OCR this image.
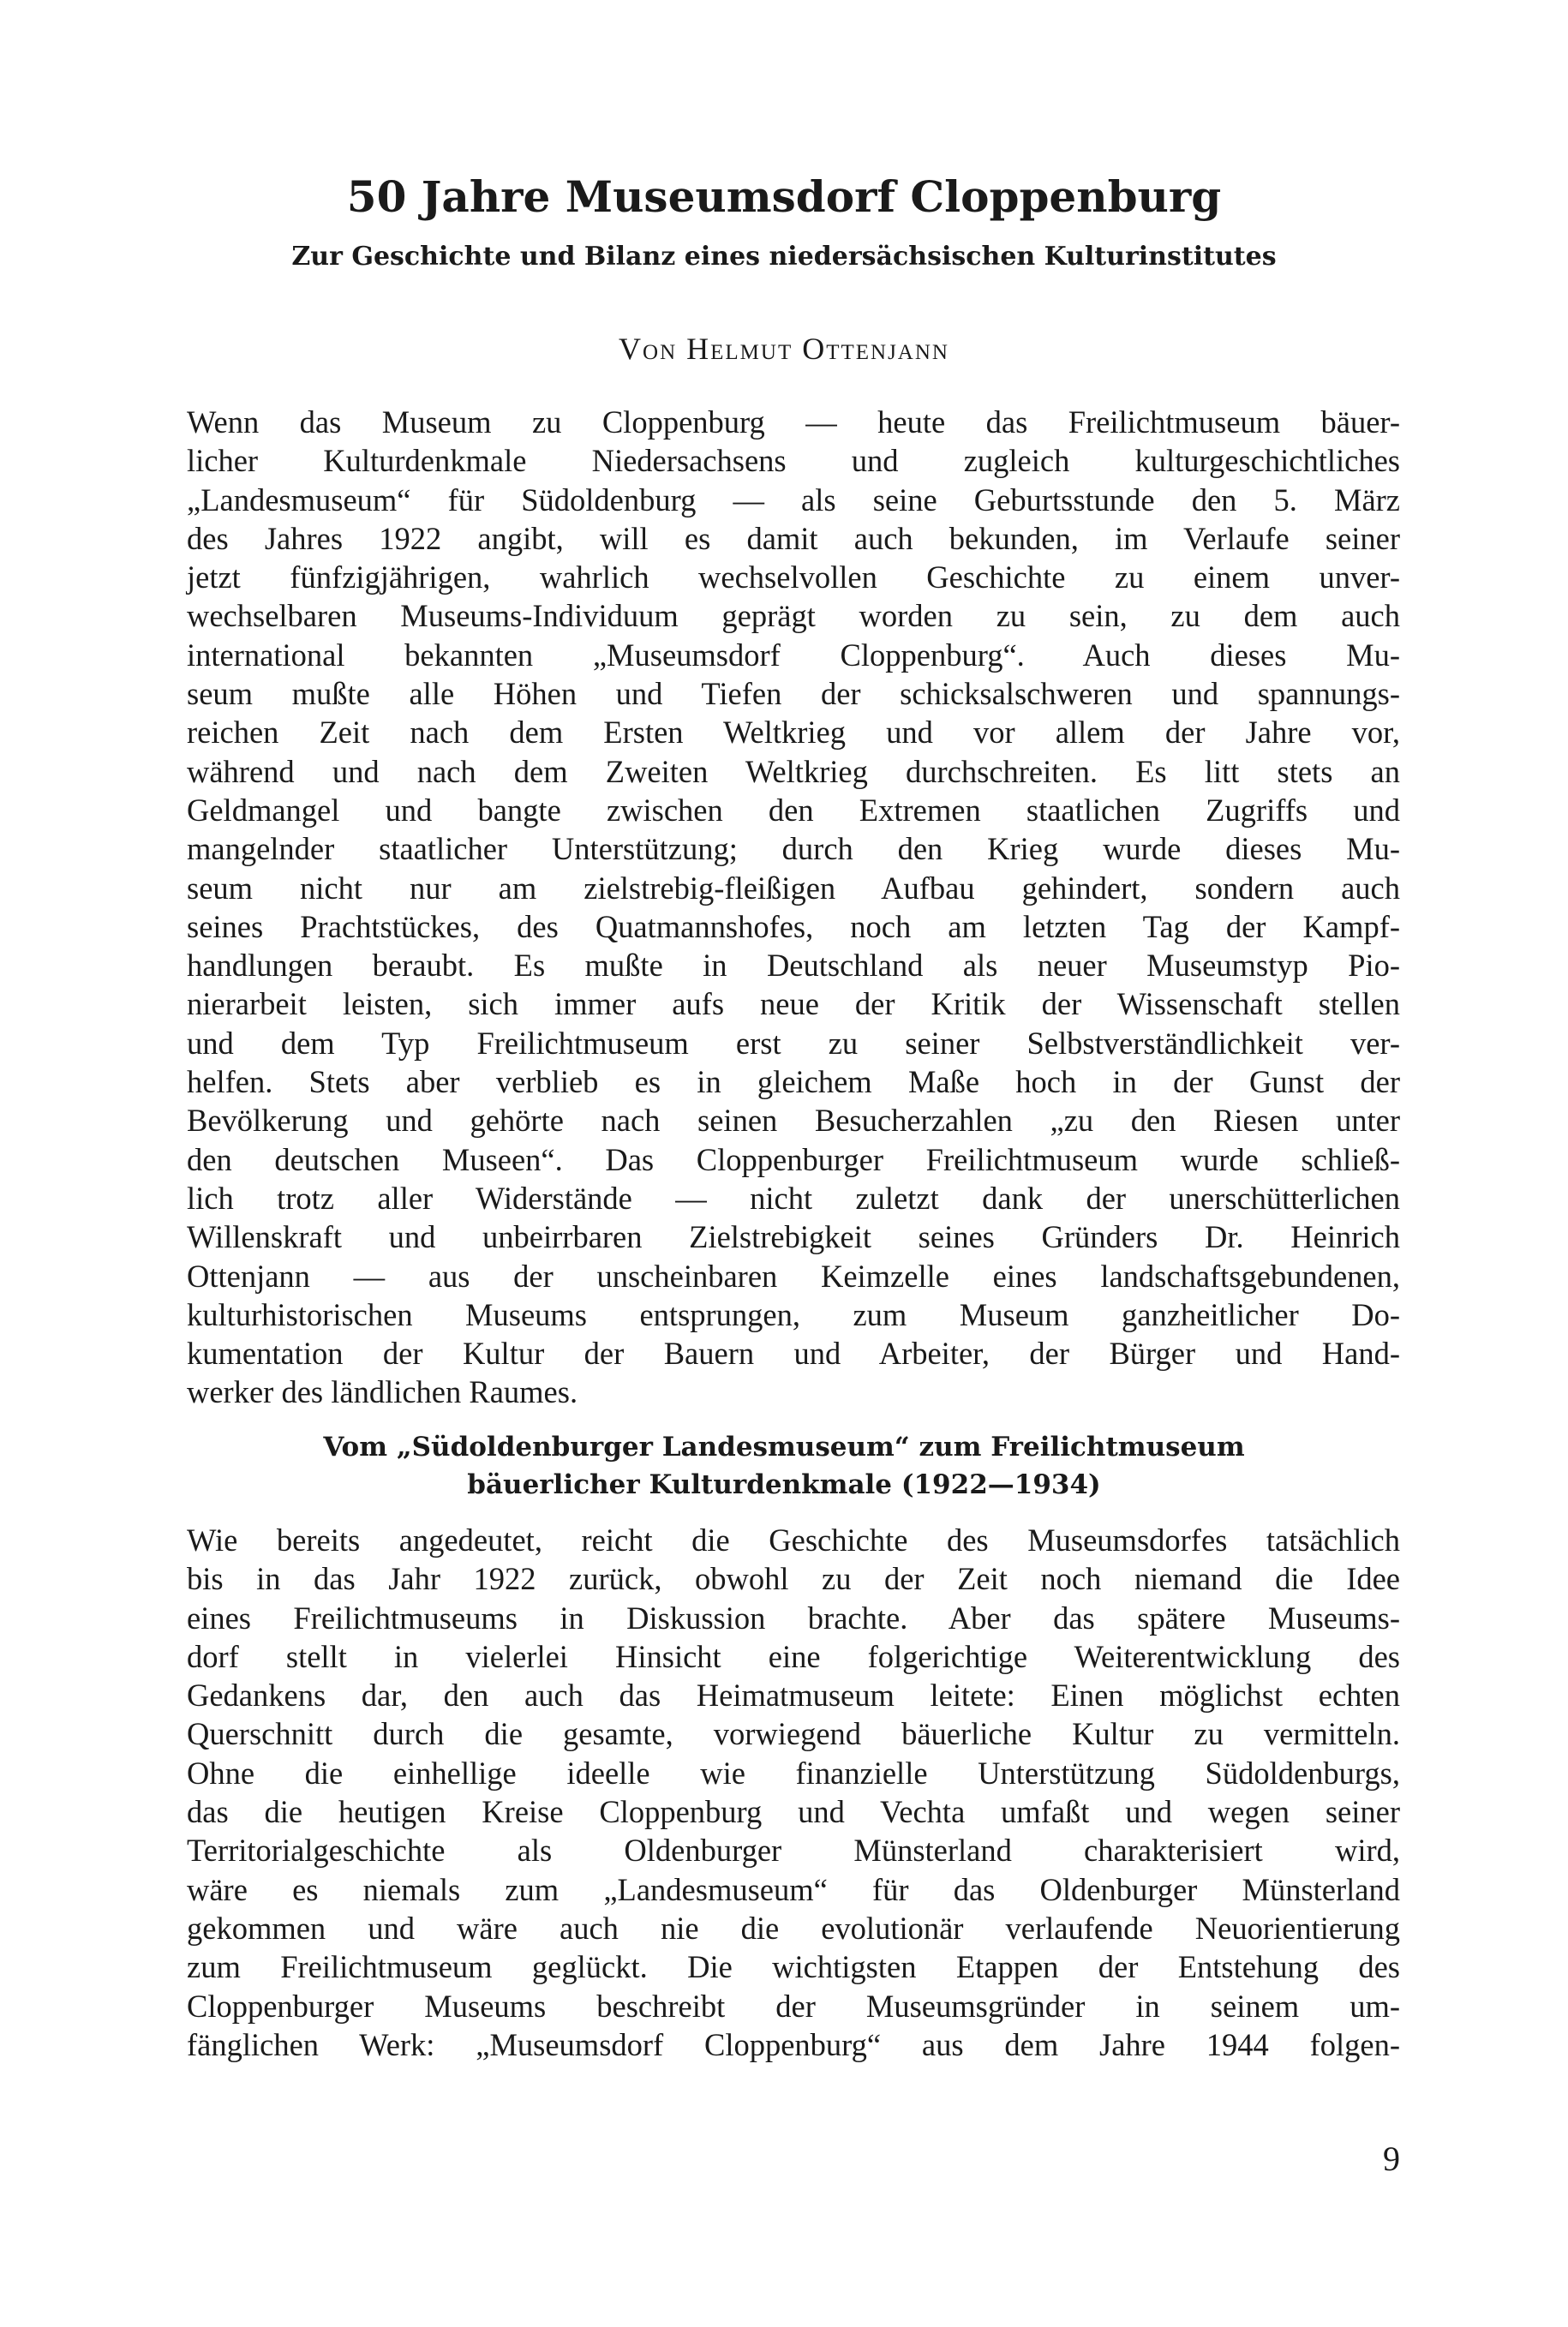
50 Jahre Museumsdorf Cloppenburg
Zur Geschichte und Bilanz eines niedersächsischen Kulturinstitutes

Von Helmut Ottenjann

Wenn das Museum zu Cloppenburg — heute das Freilichtmuseum bäuer-
licher Kulturdenkmale Niedersachsens und zugleich kulturgeschichtliches
„Landesmuseum“ für Südoldenburg — als seine Geburtsstunde den 5. März
des Jahres 1922 angibt, will es damit auch bekunden, im Verlaufe seiner
jetzt fünfzigjährigen, wahrlich wechselvollen Geschichte zu einem unver-
wechselbaren Museums-Individuum geprägt worden zu sein, zu dem auch
international bekannten „Museumsdorf Cloppenburg“. Auch dieses Mu-
seum mußte alle Höhen und Tiefen der schicksalschweren und spannungs-
reichen Zeit nach dem Ersten Weltkrieg und vor allem der Jahre vor,
während und nach dem Zweiten Weltkrieg durchschreiten. Es litt stets an
Geldmangel und bangte zwischen den Extremen staatlichen Zugriffs und
mangelnder staatlicher Unterstützung; durch den Krieg wurde dieses Mu-
seum nicht nur am zielstrebig-fleißigen Aufbau gehindert, sondern auch
seines Prachtstückes, des Quatmannshofes, noch am letzten Tag der Kampf-
handlungen beraubt. Es mußte in Deutschland als neuer Museumstyp Pio-
nierarbeit leisten, sich immer aufs neue der Kritik der Wissenschaft stellen
und dem Typ Freilichtmuseum erst zu seiner Selbstverständlichkeit ver-
helfen. Stets aber verblieb es in gleichem Maße hoch in der Gunst der
Bevölkerung und gehörte nach seinen Besucherzahlen „zu den Riesen unter
den deutschen Museen“. Das Cloppenburger Freilichtmuseum wurde schließ-
lich trotz aller Widerstände — nicht zuletzt dank der unerschütterlichen
Willenskraft und unbeirrbaren Zielstrebigkeit seines Gründers Dr. Heinrich
Ottenjann — aus der unscheinbaren Keimzelle eines landschaftsgebundenen,
kulturhistorischen Museums entsprungen, zum Museum ganzheitlicher Do-
kumentation der Kultur der Bauern und Arbeiter, der Bürger und Hand-
werker des ländlichen Raumes.
Vom „Südoldenburger Landesmuseum“ zum Freilichtmuseum
bäuerlicher Kulturdenkmale (1922—1934)
Wie bereits angedeutet, reicht die Geschichte des Museumsdorfes tatsächlich
bis in das Jahr 1922 zurück, obwohl zu der Zeit noch niemand die Idee
eines Freilichtmuseums in Diskussion brachte. Aber das spätere Museums-
dorf stellt in vielerlei Hinsicht eine folgerichtige Weiterentwicklung des
Gedankens dar, den auch das Heimatmuseum leitete: Einen möglichst echten
Querschnitt durch die gesamte, vorwiegend bäuerliche Kultur zu vermitteln.
Ohne die einhellige ideelle wie finanzielle Unterstützung Südoldenburgs,
das die heutigen Kreise Cloppenburg und Vechta umfaßt und wegen seiner
Territorialgeschichte als Oldenburger Münsterland charakterisiert wird,
wäre es niemals zum „Landesmuseum“ für das Oldenburger Münsterland
gekommen und wäre auch nie die evolutionär verlaufende Neuorientierung
zum Freilichtmuseum geglückt. Die wichtigsten Etappen der Entstehung des
Cloppenburger Museums beschreibt der Museumsgründer in seinem um-
fänglichen Werk: „Museumsdorf Cloppenburg“ aus dem Jahre 1944 folgen-

9
